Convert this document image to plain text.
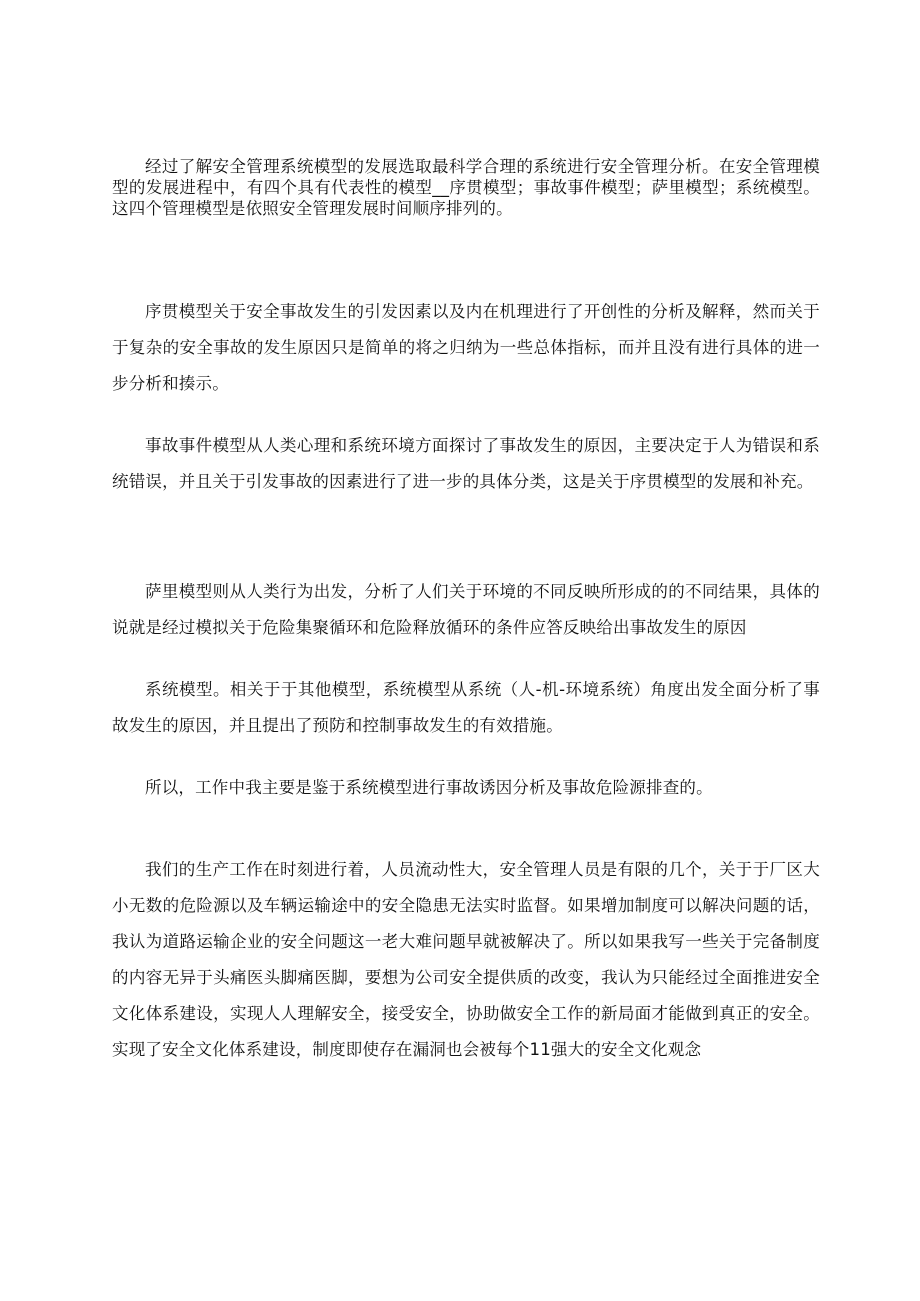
经过了解安全管理系统模型的发展选取最科学合理的系统进行安全管理分析。在安全管理模型的发展进程中，有四个具有代表性的模型__序贯模型；事故事件模型；萨里模型；系统模型。这四个管理模型是依照安全管理发展时间顺序排列的。

序贯模型关于安全事故发生的引发因素以及内在机理进行了开创性的分析及解释，然而关于于复杂的安全事故的发生原因只是简单的将之归纳为一些总体指标，而并且没有进行具体的进一步分析和揍示。

事故事件模型从人类心理和系统环境方面探讨了事故发生的原因，主要决定于人为错误和系统错误，并且关于引发事故的因素进行了进一步的具体分类，这是关于序贯模型的发展和补充。

萨里模型则从人类行为出发，分析了人们关于环境的不同反映所形成的的不同结果，具体的说就是经过模拟关于危险集聚循环和危险释放循环的条件应答反映给出事故发生的原因

系统模型。相关于于其他模型，系统模型从系统（人-机-环境系统）角度出发全面分析了事故发生的原因，并且提出了预防和控制事故发生的有效措施。

所以，工作中我主要是鉴于系统模型进行事故诱因分析及事故危险源排查的。

我们的生产工作在时刻进行着，人员流动性大，安全管理人员是有限的几个，关于于厂区大小无数的危险源以及车辆运输途中的安全隐患无法实时监督。如果增加制度可以解决问题的话，我认为道路运输企业的安全问题这一老大难问题早就被解决了。所以如果我写一些关于完备制度的内容无异于头痛医头脚痛医脚，要想为公司安全提供质的改变，我认为只能经过全面推进安全文化体系建设，实现人人理解安全，接受安全，协助做安全工作的新局面才能做到真正的安全。实现了安全文化体系建设，制度即使存在漏洞也会被每个11强大的安全文化观念
